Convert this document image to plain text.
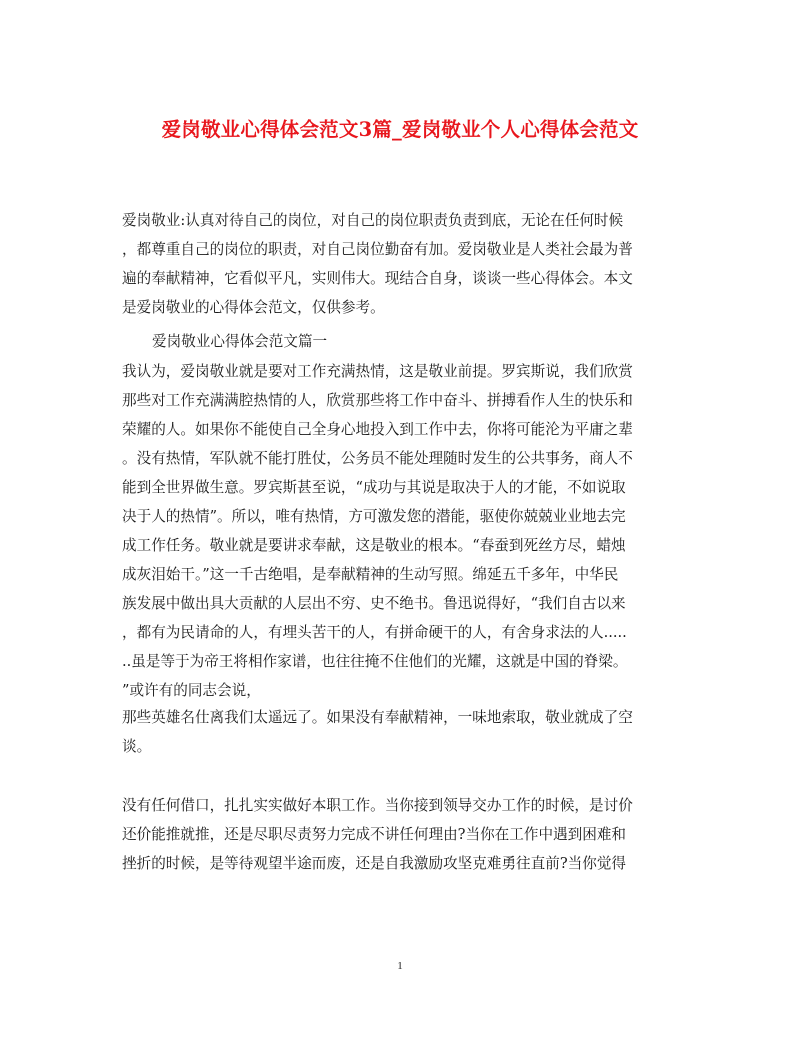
爱岗敬业心得体会范文3篇_爱岗敬业个人心得体会范文
爱岗敬业:认真对待自己的岗位，对自己的岗位职责负责到底，无论在任何时候
，都尊重自己的岗位的职责，对自己岗位勤奋有加。爱岗敬业是人类社会最为普
遍的奉献精神，它看似平凡，实则伟大。现结合自身，谈谈一些心得体会。本文
是爱岗敬业的心得体会范文，仅供参考。
爱岗敬业心得体会范文篇一
我认为，爱岗敬业就是要对工作充满热情，这是敬业前提。罗宾斯说，我们欣赏
那些对工作充满满腔热情的人，欣赏那些将工作中奋斗、拼搏看作人生的快乐和
荣耀的人。如果你不能使自己全身心地投入到工作中去，你将可能沦为平庸之辈
。没有热情，军队就不能打胜仗，公务员不能处理随时发生的公共事务，商人不
能到全世界做生意。罗宾斯甚至说，“成功与其说是取决于人的才能，不如说取
决于人的热情”。所以，唯有热情，方可激发您的潜能，驱使你兢兢业业地去完
成工作任务。敬业就是要讲求奉献，这是敬业的根本。“春蚕到死丝方尽，蜡烛
成灰泪始干。”这一千古绝唱，是奉献精神的生动写照。绵延五千多年，中华民
族发展中做出具大贡献的人层出不穷、史不绝书。鲁迅说得好，“我们自古以来
，都有为民请命的人，有埋头苦干的人，有拼命硬干的人，有舍身求法的人.....
..虽是等于为帝王将相作家谱，也往往掩不住他们的光耀，这就是中国的脊梁。
”或许有的同志会说，
那些英雄名仕离我们太遥远了。如果没有奉献精神，一味地索取，敬业就成了空
谈。
没有任何借口，扎扎实实做好本职工作。当你接到领导交办工作的时候，是讨价
还价能推就推，还是尽职尽责努力完成不讲任何理由?当你在工作中遇到困难和
挫折的时候，是等待观望半途而废，还是自我激励攻坚克难勇往直前?当你觉得
1
